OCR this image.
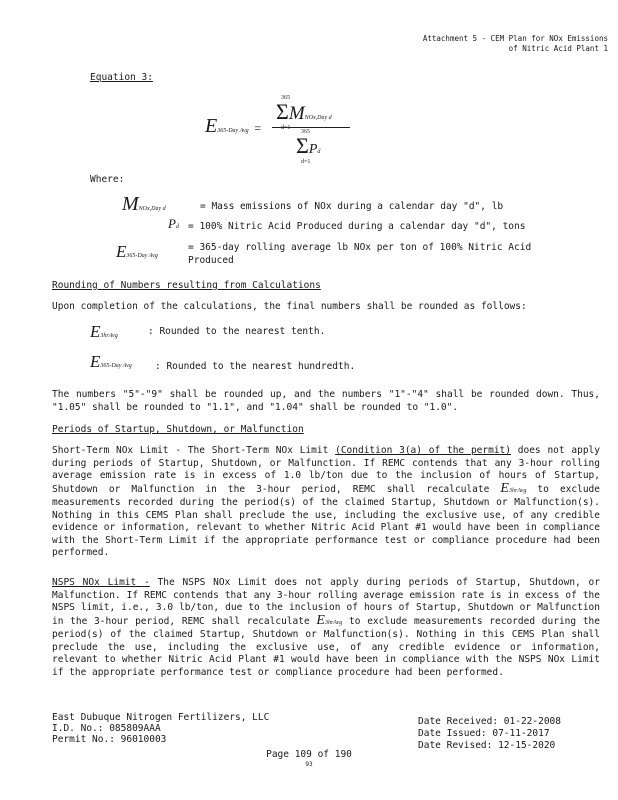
Attachment 5 - CEM Plan for NOx Emissions
of Nitric Acid Plant 1
Equation 3:
E365-Day Avg =
365
ΣMNOx,Day d
d=1
365
ΣPd
d=1
Where:
MNOx,Day d	= Mass emissions of NOx during a calendar day "d", lb
Pd = 100% Nitric Acid Produced during a calendar day "d", tons
E365-Day Avg
= 365-day rolling average lb NOx per ton of 100% Nitric Acid Produced
Rounding of Numbers resulting from Calculations
Upon completion of the calculations, the final numbers shall be rounded as follows:
E3hrAvg	: Rounded to the nearest tenth.
E365-Day Avg : Rounded to the nearest hundredth.
The numbers "5"-"9" shall be rounded up, and the numbers "1"-"4" shall be rounded down. Thus, "1.05" shall be rounded to "1.1", and "1.04" shall be rounded to "1.0".
Periods of Startup, Shutdown, or Malfunction
Short-Term NOx Limit - The Short-Term NOx Limit (Condition 3(a) of the permit) does not apply during periods of Startup, Shutdown, or Malfunction. If REMC contends that any 3-hour rolling average emission rate is in excess of 1.0 lb/ton due to the inclusion of hours of Startup, Shutdown or Malfunction in the 3-hour period, REMC shall recalculate E3hrAvg to exclude measurements recorded during the period(s) of the claimed Startup, Shutdown or Malfunction(s). Nothing in this CEMS Plan shall preclude the use, including the exclusive use, of any credible evidence or information, relevant to whether Nitric Acid Plant #1 would have been in compliance with the Short-Term Limit if the appropriate performance test or compliance procedure had been performed.
NSPS NOx Limit - The NSPS NOx Limit does not apply during periods of Startup, Shutdown, or Malfunction. If REMC contends that any 3-hour rolling average emission rate is in excess of the NSPS limit, i.e., 3.0 lb/ton, due to the inclusion of hours of Startup, Shutdown or Malfunction in the 3-hour period, REMC shall recalculate E3hrAvg to exclude measurements recorded during the period(s) of the claimed Startup, Shutdown or Malfunction(s). Nothing in this CEMS Plan shall preclude the use, including the exclusive use, of any credible evidence or information, relevant to whether Nitric Acid Plant #1 would have been in compliance with the NSPS NOx Limit if the appropriate performance test or compliance procedure had been performed.
East Dubuque Nitrogen Fertilizers, LLC
I.D. No.: 085809AAA
Permit No.: 96010003
Date Received: 01-22-2008
Date Issued: 07-11-2017
Date Revised: 12-15-2020
Page 109 of 190
93
